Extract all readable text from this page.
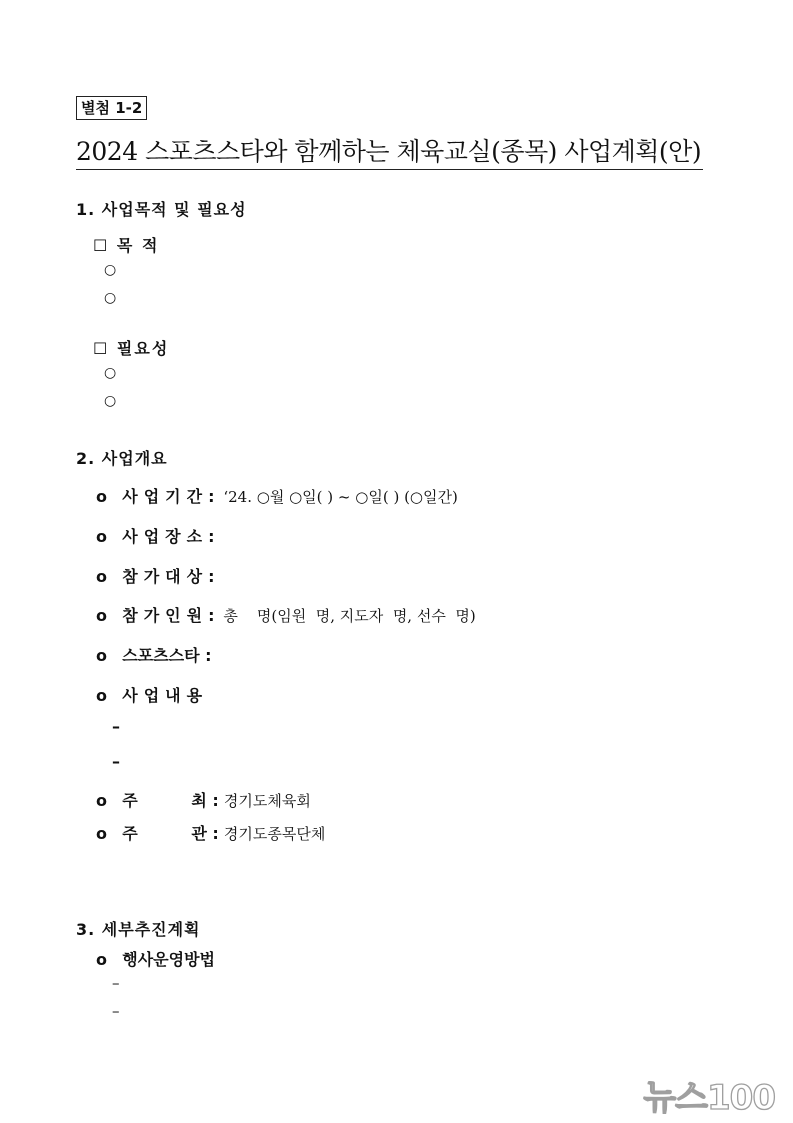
별첨 1-2
2024 스포츠스타와 함께하는 체육교실(종목) 사업계획(안)
1. 사업목적 및 필요성
☐ 목 적
○
○
☐ 필요성
○
○
2. 사업개요
o 사업기간: ‘24. ○월 ○일( ) ~ ○일( ) (○일간)
o 사업장소:
o 참가대상:
o 참가인원: 총    명(임원  명, 지도자  명, 선수  명)
o 스포츠스타 :
o 사업내용
–
–
o 주	최 : 경기도체육회
o 주	관 : 경기도종목단체
3. 세부추진계획
o 행사운영방법
–
–
뉴스100
